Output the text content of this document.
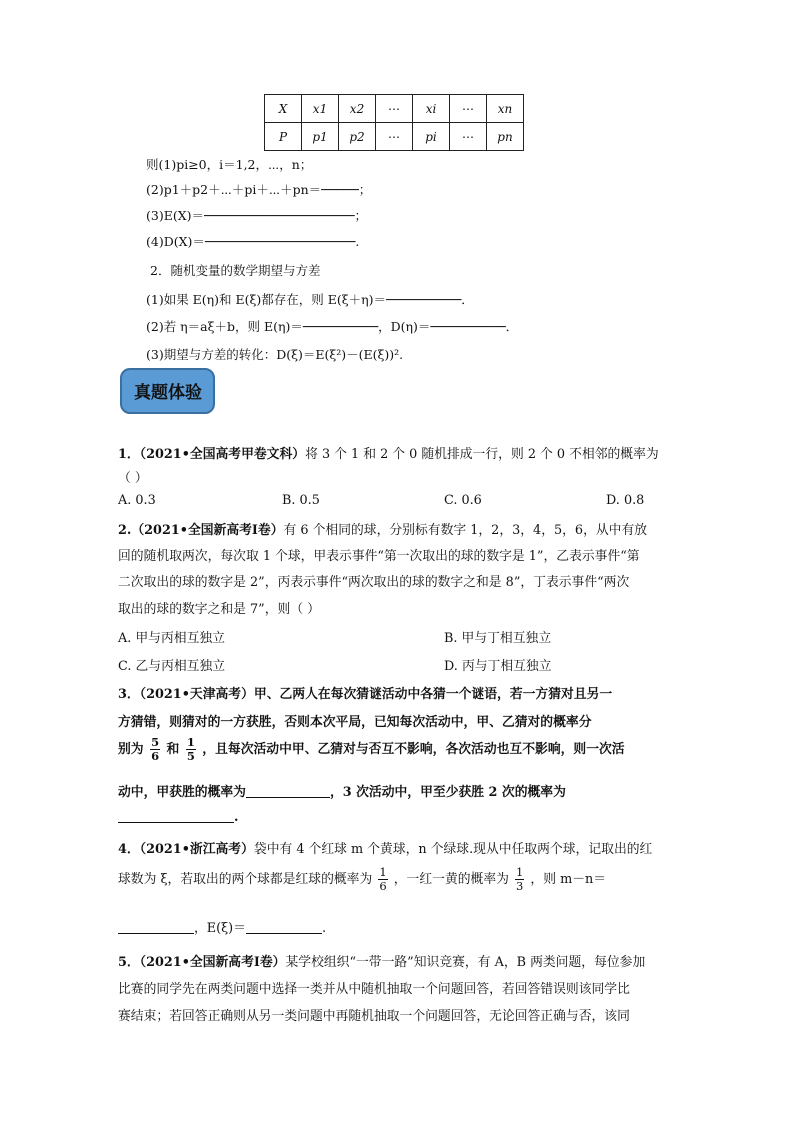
X	x1	x2	⋯	xi	⋯	xn
P	p1	p2	⋯	pi	⋯	pn
则(1)pi≥0，i＝1,2，⋯，n；
(2)p1＋p2＋⋯＋pi＋⋯＋pn＝─────；
(3)E(X)＝────────────────────；
(4)D(X)＝────────────────────.
2．随机变量的数学期望与方差
(1)如果 E(η)和 E(ξ)都存在，则 E(ξ＋η)＝──────────．
(2)若 η＝aξ＋b，则 E(η)＝──────────，D(η)＝──────────．
(3)期望与方差的转化：D(ξ)＝E(ξ²)－(E(ξ))².
真题体验
1．（2021•全国高考甲卷文科）将 3 个 1 和 2 个 0 随机排成一行，则 2 个 0 不相邻的概率为
（ ）
A. 0.3	B. 0.5	C. 0.6	D. 0.8
2.（2021•全国新高考Ⅰ卷）有 6 个相同的球，分别标有数字 1，2，3，4，5，6，从中有放
回的随机取两次，每次取 1 个球，甲表示事件“第一次取出的球的数字是 1”，乙表示事件“第
二次取出的球的数字是 2”，丙表示事件“两次取出的球的数字之和是 8”，丁表示事件“两次
取出的球的数字之和是 7”，则（ ）
A. 甲与丙相互独立	B. 甲与丁相互独立
C. 乙与丙相互独立	D. 丙与丁相互独立
3．（2021•天津高考）甲、乙两人在每次猜谜活动中各猜一个谜语，若一方猜对且另一
方猜错，则猜对的一方获胜，否则本次平局，已知每次活动中，甲、乙猜对的概率分
别为 $\frac{5}{6}$ 和 $\frac{1}{5}$ ，且每次活动中甲、乙猜对与否互不影响，各次活动也互不影响，则一次活
动中，甲获胜的概率为	，3 次活动中，甲至少获胜 2 次的概率为
.
4．（2021•浙江高考）袋中有 4 个红球 m 个黄球，n 个绿球.现从中任取两个球，记取出的红
球数为 ξ，若取出的两个球都是红球的概率为 $\frac{1}{6}$ ，一红一黄的概率为 $\frac{1}{3}$ ，则 m－n＝
，E(ξ)＝	.
5．（2021•全国新高考Ⅰ卷）某学校组织“一带一路”知识竞赛，有 A，B 两类问题，每位参加
比赛的同学先在两类问题中选择一类并从中随机抽取一个问题回答，若回答错误则该同学比
赛结束；若回答正确则从另一类问题中再随机抽取一个问题回答，无论回答正确与否，该同
